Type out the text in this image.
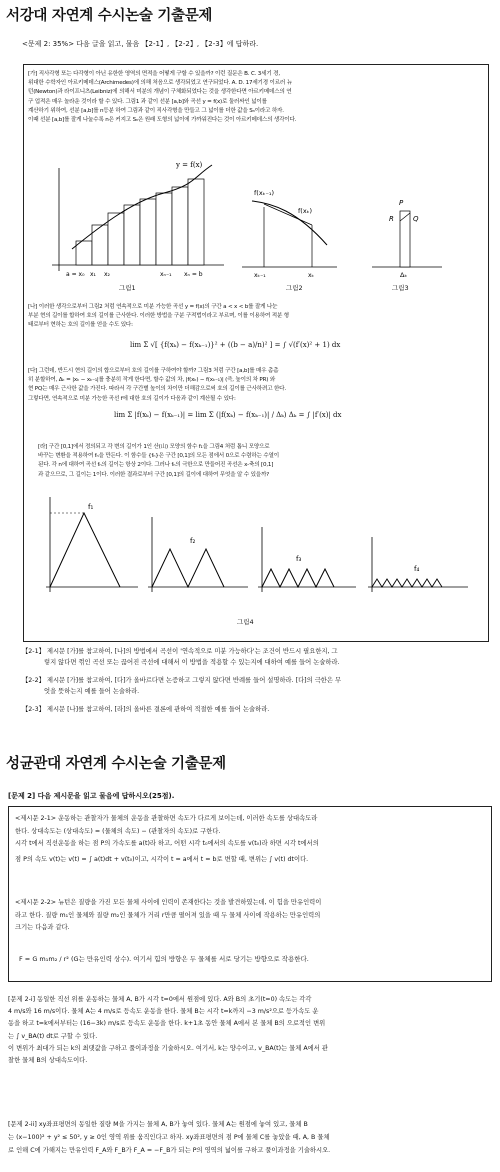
서강대 자연계 수시논술 기출문제
<문제 2: 35%> 다음 글을 읽고, 물음 【2-1】, 【2-2】, 【2-3】에 답하라.
[가] 직사각형 또는 다각형이 아닌 유한한 영역의 면적을 어떻게 구할 수 있을까? 이런 질문은 B. C. 3세기 경,
위대한 수학자인 아르키메데스(Archimedes)에 의해 처음으로 생각되었고 연구되었다. A. D. 17세기경 이르러 뉴
턴(Newton)과 라이프니츠(Leibniz)에 의해서 미분의 개념이 구체화되었다는 것을 생각한다면 아르키메데스의 연
구 업적은 매우 놀라운 것이라 할 수 있다. 그림1 과 같이 선분 [a,b]와 곡선 y = f(x)로 둘러싸인 넓이를
계산하기 위하여, 선분 [a,b]를 n등분 하여 그림과 같이 직사각형을 만들고 그 넓이를 더한 값을 Sₙ이라고 하자.
이때 선분 [a,b]를 잘게 나눌수록 n은 커지고 Sₙ은 원래 도형의 넓이에 가까워진다는 것이 아르키메데스의 생각이다.
y = f(x)
a = x₀ x₁ x₂	xₙ₋₁ xₙ = b
그림1
f(xₖ₋₁)
f(xₖ)
xₖ₋₁	xₖ
그림2
P
R	Q
Δₖ
그림3
[나] 이러한 생각으로부터 그림2 처럼 연속적으로 미분 가능한 곡선 y = f(x)의 구간 a < x < b를 잘게 나눈
부분 현의 길이를 합하여 호의 길이를 근사한다. 이러한 방법을 구분 구적법이라고 부르며, 이를 이용하여 적분 형
태로부터 현하는 호의 길이를 얻을 수도 있다:
lim Σ √[ {f(xₖ) − f(xₖ₋₁)}² + ((b − a)/n)² ] = ∫ √(f′(x)² + 1) dx
[다] 그런데, 반드시 현의 길이의 합으로부터 호의 길이를 구하여야 할까? 그림3 처럼 구간 [a,b]를 매우 촘촘
히 분할하여, Δₖ = |xₖ − xₖ₋₁|를 충분히 작게 한다면, 할수 값의 차, |f(xₖ) − f(xₖ₋₁)| (즉, 높이의 차 PR) 와
현 PQ는 매우 근사한 값을 가진다. 따라서 각 구간별 높이의 차이만 더해감으로써 호의 길이를 근사하려고 한다.
그렇다면, 연속적으로 미분 가능한 곡선 f에 대한 호의 길이가 다음과 같이 계산될 수 있다:
lim Σ |f(xₖ) − f(xₖ₋₁)| = lim Σ (|f(xₖ) − f(xₖ₋₁)| / Δₖ) Δₖ = ∫ |f′(x)| dx
[라] 구간 [0,1]에서 정의되고 각 변의 길이가 1인 산(山) 모양의 함수 f₁을 그림4 처럼 톱니 모양으로
바꾸는 변환을 적용하여 fₙ을 만든다. 이 함수들 {fₙ}은 구간 [0,1]의 모든 점에서 0으로 수렴하는 수열이
된다. 각 n에 대하여 곡선 fₙ의 길이는 항상 2이다. 그러나 fₙ의 극한으로 만들어진 곡선은 x-축의 [0,1]
과 같으므로, 그 길이는 1이다. 이러한 결과로부터 구간 [0,1]의 길이에 대하여 무엇을 알 수 있을까?
f₁
f₂
f₃
f₄
그림4
【2-1】 제시문 [가]를 참고하여, [나]의 방법에서 곡선이 '연속적으로 미분 가능하다'는 조건이 반드시 필요한지, 그
렇지 않다면 꺾인 곡선 또는 끊어진 곡선에 대해서 이 방법을 적용할 수 있는지에 대하여 예를 들어 논술하라.
【2-2】 제시문 [가]를 참고하여, [다]가 올바르다면 논증하고 그렇지 않다면 반례를 들어 설명하라. [다]의 극한은 무
엇을 뜻하는지 예를 들어 논술하라.
【2-3】 제시문 [나]를 참고하여, [라]의 올바른 결론에 관하여 적절한 예를 들어 논술하라.
성균관대 자연계 수시논술 기출문제
[문제 2] 다음 제시문을 읽고 물음에 답하시오(25점).
<제시문 2-1> 운동하는 관찰자가 물체의 운동을 관찰하면 속도가 다르게 보이는데, 이러한 속도를 상대속도라
한다. 상대속도는 (상대속도) = (물체의 속도) − (관찰자의 속도)로 구한다.
시각 t에서 직선운동을 하는 점 P의 가속도를 a(t)라 하고, 어떤 시각 t₀에서의 속도를 v(t₀)라 하면 시각 t에서의
점 P의 속도 v(t)는 v(t) = ∫ a(t)dt + v(t₀)이고, 시각이 t = a에서 t = b로 변할 때, 변위는 ∫ v(t) dt이다.
<제시문 2-2> 뉴턴은 질량을 가진 모든 물체 사이에 인력이 존재한다는 것을 발견하였는데, 이 힘을 만유인력이
라고 한다. 질량 m₁인 물체와 질량 m₂인 물체가 거리 r만큼 떨어져 있을 때 두 물체 사이에 작용하는 만유인력의
크기는 다음과 같다.
F = G m₁m₂ / r² (G는 만유인력 상수). 여기서 힘의 방향은 두 물체를 서로 당기는 방향으로 작용한다.
[문제 2-i] 동일한 직선 위를 운동하는 물체 A, B가 시각 t=0에서 원점에 있다. A와 B의 초기(t=0) 속도는 각각
4 m/s와 16 m/s이다. 물체 A는 4 m/s로 등속도 운동을 한다. 물체 B는 시각 t=k까지 −3 m/s²으로 등가속도 운
동을 하고 t=k에서부터는 (16−3k) m/s로 등속도 운동을 한다. k+1초 동안 물체 A에서 본 물체 B의 으로적인 변위
는 ∫ v_BA(t) dt로 구할 수 있다.
이 변위가 최대가 되는 k의 최댓값을 구하고 풀이과정을 기술하시오. 여기서, k는 양수이고, v_BA(t)는 물체 A에서 관
찰한 물체 B의 상대속도이다.
[문제 2-ii] xy좌표평면의 동일한 질량 M을 가지는 물체 A, B가 놓여 있다. 물체 A는 원점에 놓여 있고, 물체 B
는 (x−100)² + y² ≤ 50², y ≥ 0인 영역 위를 움직인다고 하자. xy좌표평면의 점 P에 물체 C를 놓았을 때, A, B 물체
로 인해 C에 가해지는 만유인력 F_A와 F_B가 F_A = −F_B가 되는 P의 영역의 넓이를 구하고 풀이과정을 기술하시오.
